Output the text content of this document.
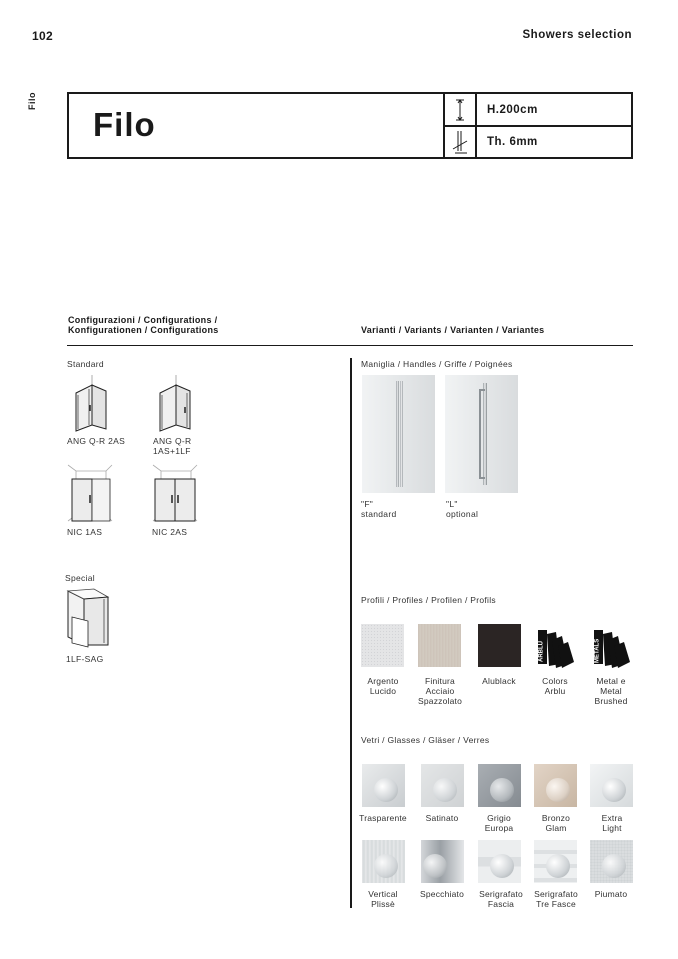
102	Showers selection
Filo
Filo	H.200cm
Th. 6mm
Configurazioni / Configurations /
Konfigurationen / Configurations	Varianti / Variants / Varianten / Variantes
Standard
ANG Q-R 2AS	ANG Q-R
1AS+1LF
NIC 1AS	NIC 2AS
Special
1LF-SAG
Maniglia / Handles / Griffe / Poignées
"F"
standard
"L"
optional
Profili / Profiles / Profilen / Profils
Argento
Lucido
Finitura
Acciaio
Spazzolato
Alublack
ARBLU
Colors
Arblu
METALS
Metal e
Metal
Brushed
Vetri / Glasses / Gläser / Verres
Trasparente	Satinato	Grigio
Europa
Bronzo
Glam
Extra
Light
Vertical
Plissè
Specchiato	Serigrafato
Fascia
Serigrafato
Tre Fasce
Piumato
